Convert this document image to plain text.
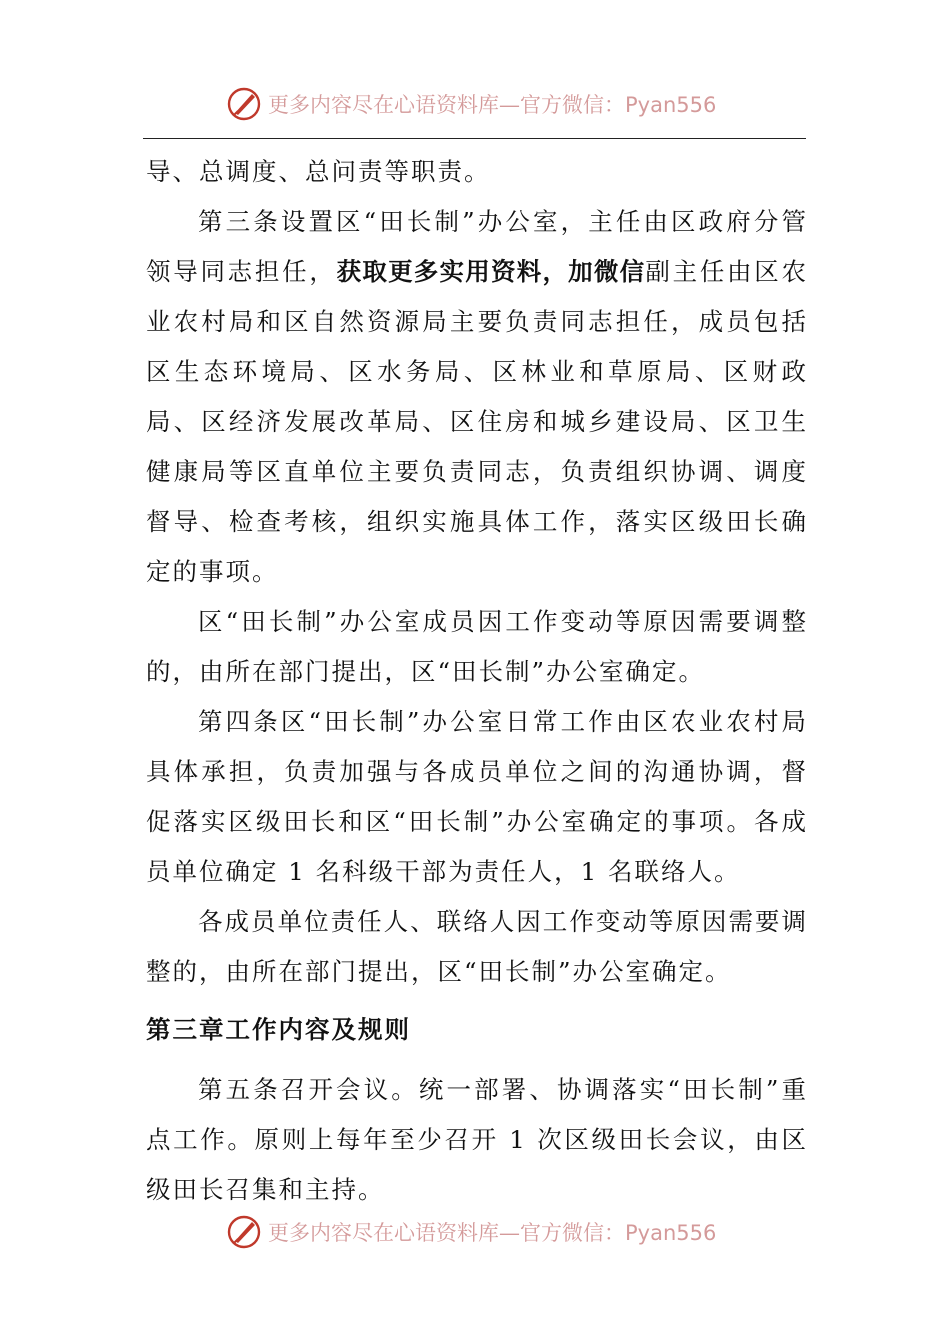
更多内容尽在心语资料库—官方微信：Pyan556

导、总调度、总问责等职责。

第三条设置区“田长制”办公室，主任由区政府分管领导同志担任，获取更多实用资料，加微信副主任由区农业农村局和区自然资源局主要负责同志担任，成员包括区生态环境局、区水务局、区林业和草原局、区财政局、区经济发展改革局、区住房和城乡建设局、区卫生健康局等区直单位主要负责同志，负责组织协调、调度督导、检查考核，组织实施具体工作，落实区级田长确定的事项。

区“田长制”办公室成员因工作变动等原因需要调整的，由所在部门提出，区“田长制”办公室确定。

第四条区“田长制”办公室日常工作由区农业农村局具体承担，负责加强与各成员单位之间的沟通协调，督促落实区级田长和区“田长制”办公室确定的事项。各成员单位确定 1 名科级干部为责任人，1 名联络人。

各成员单位责任人、联络人因工作变动等原因需要调整的，由所在部门提出，区“田长制”办公室确定。

第三章工作内容及规则

第五条召开会议。统一部署、协调落实“田长制”重点工作。原则上每年至少召开 1 次区级田长会议，由区级田长召集和主持。

更多内容尽在心语资料库—官方微信：Pyan556
